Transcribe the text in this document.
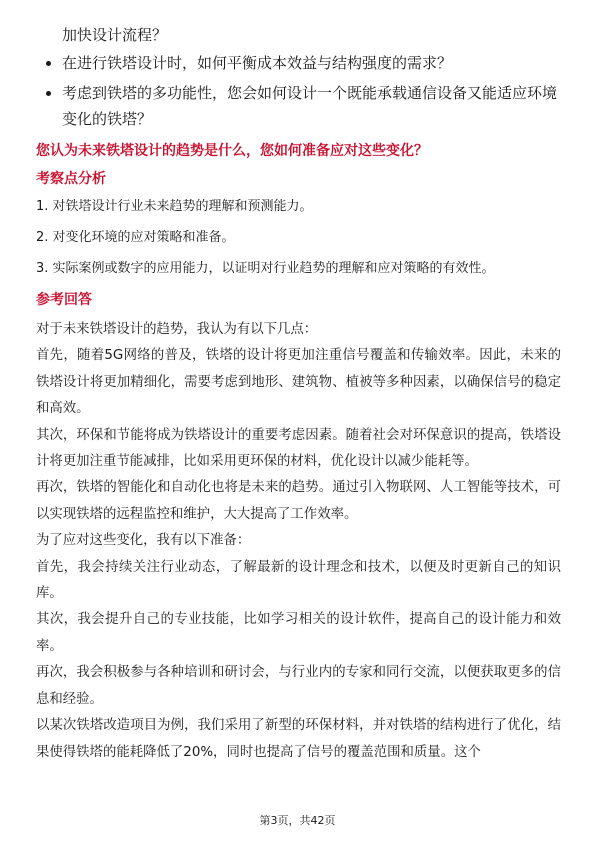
加快设计流程？
在进行铁塔设计时，如何平衡成本效益与结构强度的需求？
考虑到铁塔的多功能性，您会如何设计一个既能承载通信设备又能适应环境变化的铁塔？
您认为未来铁塔设计的趋势是什么，您如何准备应对这些变化？
考察点分析
1. 对铁塔设计行业未来趋势的理解和预测能力。
2. 对变化环境的应对策略和准备。
3. 实际案例或数字的应用能力，以证明对行业趋势的理解和应对策略的有效性。
参考回答

对于未来铁塔设计的趋势，我认为有以下几点：

首先，随着5G网络的普及，铁塔的设计将更加注重信号覆盖和传输效率。因此，未来的铁塔设计将更加精细化，需要考虑到地形、建筑物、植被等多种因素，以确保信号的稳定和高效。

其次，环保和节能将成为铁塔设计的重要考虑因素。随着社会对环保意识的提高，铁塔设计将更加注重节能减排，比如采用更环保的材料，优化设计以减少能耗等。

再次，铁塔的智能化和自动化也将是未来的趋势。通过引入物联网、人工智能等技术，可以实现铁塔的远程监控和维护，大大提高了工作效率。

为了应对这些变化，我有以下准备：

首先，我会持续关注行业动态，了解最新的设计理念和技术，以便及时更新自己的知识库。

其次，我会提升自己的专业技能，比如学习相关的设计软件，提高自己的设计能力和效率。

再次，我会积极参与各种培训和研讨会，与行业内的专家和同行交流，以便获取更多的信息和经验。

以某次铁塔改造项目为例，我们采用了新型的环保材料，并对铁塔的结构进行了优化，结果使得铁塔的能耗降低了20%，同时也提高了信号的覆盖范围和质量。这个

第3页，共42页
